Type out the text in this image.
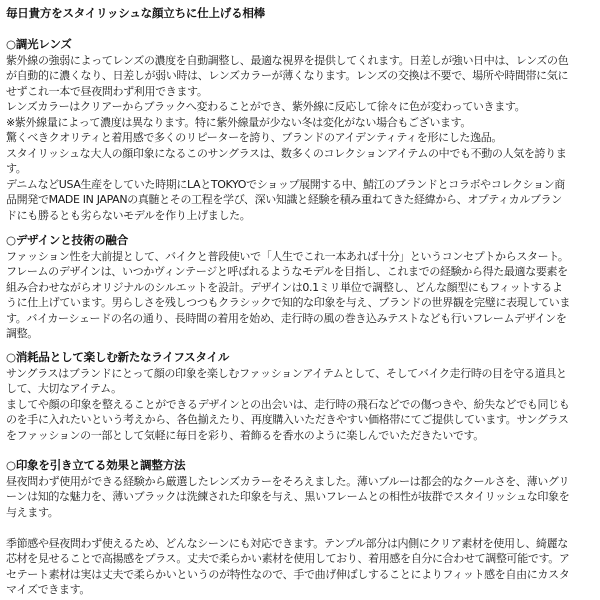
毎日貴方をスタイリッシュな顔立ちに仕上げる相棒
○調光レンズ
紫外線の強弱によってレンズの濃度を自動調整し、最適な視界を提供してくれます。日差しが強い日中は、レンズの色
が自動的に濃くなり、日差しが弱い時は、レンズカラーが薄くなります。レンズの交換は不要で、場所や時間帯に気に
せずこれ一本で昼夜問わず利用できます。
レンズカラーはクリアーからブラックへ変わることができ、紫外線に反応して徐々に色が変わっていきます。
※紫外線量によって濃度は異なります。特に紫外線量が少ない冬は変化がない場合もございます。
驚くべきクオリティと着用感で多くのリピーターを誇り、ブランドのアイデンティティを形にした逸品。
スタイリッシュな大人の顔印象になるこのサングラスは、数多くのコレクションアイテムの中でも不動の人気を誇りま
す。
デニムなどUSA生産をしていた時期にLAとTOKYOでショップ展開する中、鯖江のブランドとコラボやコレクション商
品開発でMADE IN JAPANの真髄とその工程を学び、深い知識と経験を積み重ねてきた経緯から、オプティカルブラン
ドにも勝るとも劣らないモデルを作り上げました。
○デザインと技術の融合
ファッション性を大前提として、バイクと普段使いで「人生でこれ一本あれば十分」というコンセプトからスタート。
フレームのデザインは、いつかヴィンテージと呼ばれるようなモデルを目指し、これまでの経験から得た最適な要素を
組み合わせながらオリジナルのシルエットを設計。デザインは0.1ミリ単位で調整し、どんな顔型にもフィットするよ
うに仕上げています。男らしさを残しつつもクラシックで知的な印象を与え、ブランドの世界観を完璧に表現していま
す。バイカーシェードの名の通り、長時間の着用を始め、走行時の風の巻き込みテストなども行いフレームデザインを
調整。
○消耗品として楽しむ新たなライフスタイル
サングラスはブランドにとって顔の印象を楽しむファッションアイテムとして、そしてバイク走行時の目を守る道具と
して、大切なアイテム。
ましてや顔の印象を整えることができるデザインとの出会いは、走行時の飛石などでの傷つきや、紛失などでも同じも
のを手に入れたいという考えから、各色揃えたり、再度購入いただきやすい価格帯にてご提供しています。サングラス
をファッションの一部として気軽に毎日を彩り、着飾るを香水のように楽しんでいただきたいです。
○印象を引き立てる効果と調整方法
昼夜問わず使用ができる経験から厳選したレンズカラーをそろえました。薄いブルーは都会的なクールさを、薄いグリ
ーンは知的な魅力を、薄いブラックは洗練された印象を与え、黒いフレームとの相性が抜群でスタイリッシュな印象を
与えます。
季節感や昼夜問わず使えるため、どんなシーンにも対応できます。テンプル部分は内側にクリア素材を使用し、綺麗な
芯材を見せることで高揚感をプラス。丈夫で柔らかい素材を使用しており、着用感を自分に合わせて調整可能です。ア
セテート素材は実は丈夫で柔らかいというのが特性なので、手で曲げ伸ばしすることによりフィット感を自由にカスタ
マイズできます。
